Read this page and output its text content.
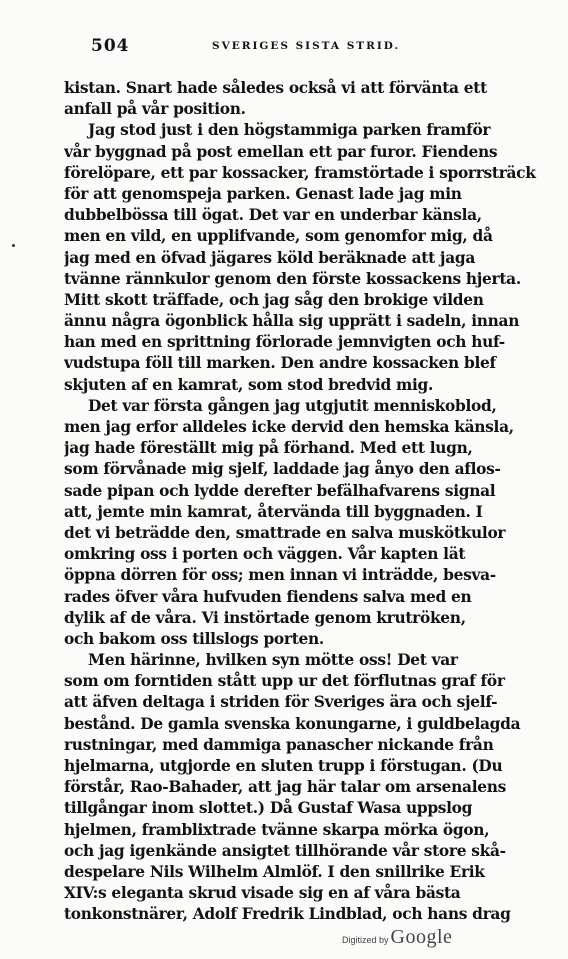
504	SVERIGES SISTA STRID.
kistan. Snart hade således också vi att förvänta ett
anfall på vår position.
Jag stod just i den högstammiga parken framför
vår byggnad på post emellan ett par furor. Fiendens
förelöpare, ett par kossacker, framstörtade i sporrsträck
för att genomspeja parken. Genast lade jag min
dubbelbössa till ögat. Det var en underbar känsla,
men en vild, en upplifvande, som genomfor mig, då
jag med en öfvad jägares köld beräknade att jaga
tvänne rännkulor genom den förste kossackens hjerta.
Mitt skott träffade, och jag såg den brokige vilden
ännu några ögonblick hålla sig upprätt i sadeln, innan
han med en sprittning förlorade jemnvigten och huf-
vudstupa föll till marken. Den andre kossacken blef
skjuten af en kamrat, som stod bredvid mig.
Det var första gången jag utgjutit menniskoblod,
men jag erfor alldeles icke dervid den hemska känsla,
jag hade föreställt mig på förhand. Med ett lugn,
som förvånade mig sjelf, laddade jag ånyo den aflos-
sade pipan och lydde derefter befälhafvarens signal
att, jemte min kamrat, återvända till byggnaden. I
det vi beträdde den, smattrade en salva muskötkulor
omkring oss i porten och väggen. Vår kapten lät
öppna dörren för oss; men innan vi inträdde, besva-
rades öfver våra hufvuden fiendens salva med en
dylik af de våra. Vi instörtade genom krutröken,
och bakom oss tillslogs porten.
Men härinne, hvilken syn mötte oss! Det var
som om forntiden stått upp ur det förflutnas graf för
att äfven deltaga i striden för Sveriges ära och sjelf-
bestånd. De gamla svenska konungarne, i guldbelagda
rustningar, med dammiga panascher nickande från
hjelmarna, utgjorde en sluten trupp i förstugan. (Du
förstår, Rao-Bahader, att jag här talar om arsenalens
tillgångar inom slottet.) Då Gustaf Wasa uppslog
hjelmen, framblixtrade tvänne skarpa mörka ögon,
och jag igenkände ansigtet tillhörande vår store skå-
despelare Nils Wilhelm Almlöf. I den snillrike Erik
XIV:s eleganta skrud visade sig en af våra bästa
tonkonstnärer, Adolf Fredrik Lindblad, och hans drag
Digitized by Google
